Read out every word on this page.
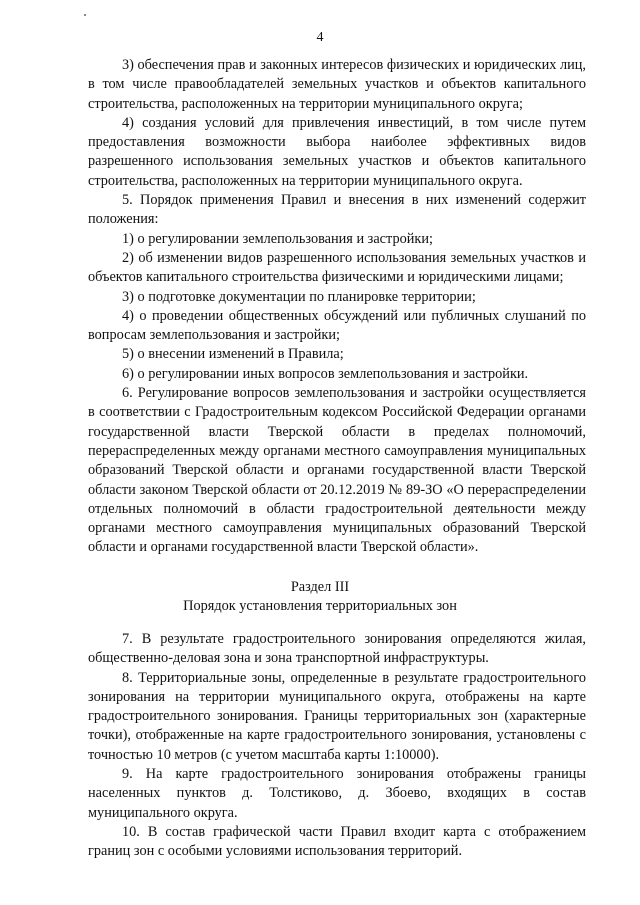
4

3) обеспечения прав и законных интересов физических и юридических лиц, в том числе правообладателей земельных участков и объектов капитального строительства, расположенных на территории муниципального округа;

4) создания условий для привлечения инвестиций, в том числе путем предоставления возможности выбора наиболее эффективных видов разрешенного использования земельных участков и объектов капитального строительства, расположенных на территории муниципального округа.

5. Порядок применения Правил и внесения в них изменений содержит положения:

1) о регулировании землепользования и застройки;

2) об изменении видов разрешенного использования земельных участков и объектов капитального строительства физическими и юридическими лицами;

3) о подготовке документации по планировке территории;

4) о проведении общественных обсуждений или публичных слушаний по вопросам землепользования и застройки;

5) о внесении изменений в Правила;

6) о регулировании иных вопросов землепользования и застройки.

6. Регулирование вопросов землепользования и застройки осуществляется в соответствии с Градостроительным кодексом Российской Федерации органами государственной власти Тверской области в пределах полномочий, перераспределенных между органами местного самоуправления муниципальных образований Тверской области и органами государственной власти Тверской области законом Тверской области от 20.12.2019 № 89-ЗО «О перераспределении отдельных полномочий в области градостроительной деятельности между органами местного самоуправления муниципальных образований Тверской области и органами государственной власти Тверской области».

Раздел III
Порядок установления территориальных зон

7. В результате градостроительного зонирования определяются жилая, общественно-деловая зона и зона транспортной инфраструктуры.

8. Территориальные зоны, определенные в результате градостроительного зонирования на территории муниципального округа, отображены на карте градостроительного зонирования. Границы территориальных зон (характерные точки), отображенные на карте градостроительного зонирования, установлены с точностью 10 метров (с учетом масштаба карты 1:10000).

9. На карте градостроительного зонирования отображены границы населенных пунктов д. Толстиково, д. Збоево, входящих в состав муниципального округа.

10. В состав графической части Правил входит карта с отображением границ зон с особыми условиями использования территорий.
